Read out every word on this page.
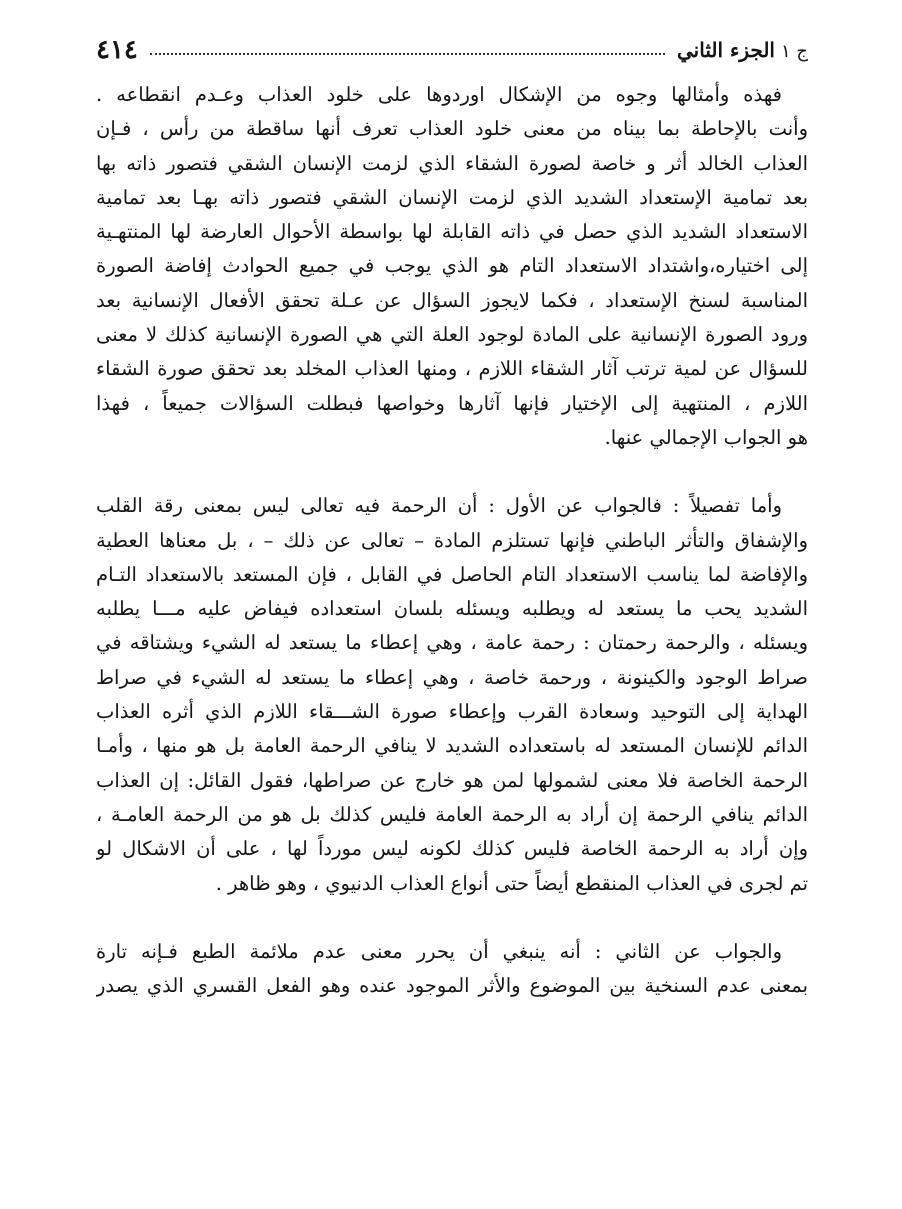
ج ١الجزء الثاني
٤١٤
فهذه وأمثالها وجوه من الإشكال اوردوها على خلود العذاب وعـدم انقطاعه .
وأنت بالإحاطة بما بيناه من معنى خلود العذاب تعرف أنها ساقطة من رأس ، فـإن
العذاب الخالد أثر و خاصة لصورة الشقاء الذي لزمت الإنسان الشقي فتصور ذاته بها
بعد تمامية الإستعداد الشديد الذي لزمت الإنسان الشقي فتصور ذاته بهـا بعد تمامية
الاستعداد الشديد الذي حصل في ذاته القابلة لها بواسطة الأحوال العارضة لها المنتهـية
إلى اختياره،واشتداد الاستعداد التام هو الذي يوجب في جميع الحوادث إفاضة الصورة
المناسبة لسنخ الإستعداد ، فكما لايجوز السؤال عن عـلة تحقق الأفعال الإنسانية بعد
ورود الصورة الإنسانية على المادة لوجود العلة التي هي الصورة الإنسانية كذلك لا معنى
للسؤال عن لمية ترتب آثار الشقاء اللازم ، ومنها العذاب المخلد بعد تحقق صورة الشقاء
اللازم ، المنتهية إلى الإختيار فإنها آثارها وخواصها فبطلت السؤالات جميعاً ، فهذا
هو الجواب الإجمالي عنها.
وأما تفصيلاً : فالجواب عن الأول : أن الرحمة فيه تعالى ليس بمعنى رقة القلب
والإشفاق والتأثر الباطني فإنها تستلزم المادة – تعالى عن ذلك – ، بل معناها العطية
والإفاضة لما يناسب الاستعداد التام الحاصل في القابل ، فإن المستعد بالاستعداد التـام
الشديد يحب ما يستعد له ويطلبه ويسئله بلسان استعداده فيفاض عليه مـــا يطلبه
ويسئله ، والرحمة رحمتان : رحمة عامة ، وهي إعطاء ما يستعد له الشيء ويشتاقه في
صراط الوجود والكينونة ، ورحمة خاصة ، وهي إعطاء ما يستعد له الشيء في صراط
الهداية إلى التوحيد وسعادة القرب وإعطاء صورة الشـــقاء اللازم الذي أثره العذاب
الدائم للإنسان المستعد له باستعداده الشديد لا ينافي الرحمة العامة بل هو منها ، وأمـا
الرحمة الخاصة فلا معنى لشمولها لمن هو خارج عن صراطها، فقول القائل: إن العذاب
الدائم ينافي الرحمة إن أراد به الرحمة العامة فليس كذلك بل هو من الرحمة العامـة ،
وإن أراد به الرحمة الخاصة فليس كذلك لكونه ليس مورداً لها ، على أن الاشكال لو
تم لجرى في العذاب المنقطع أيضاً حتى أنواع العذاب الدنيوي ، وهو ظاهر .
والجواب عن الثاني : أنه ينبغي أن يحرر معنى عدم ملائمة الطبع فـإنه تارة
بمعنى عدم السنخية بين الموضوع والأثر الموجود عنده وهو الفعل القسري الذي يصدر
